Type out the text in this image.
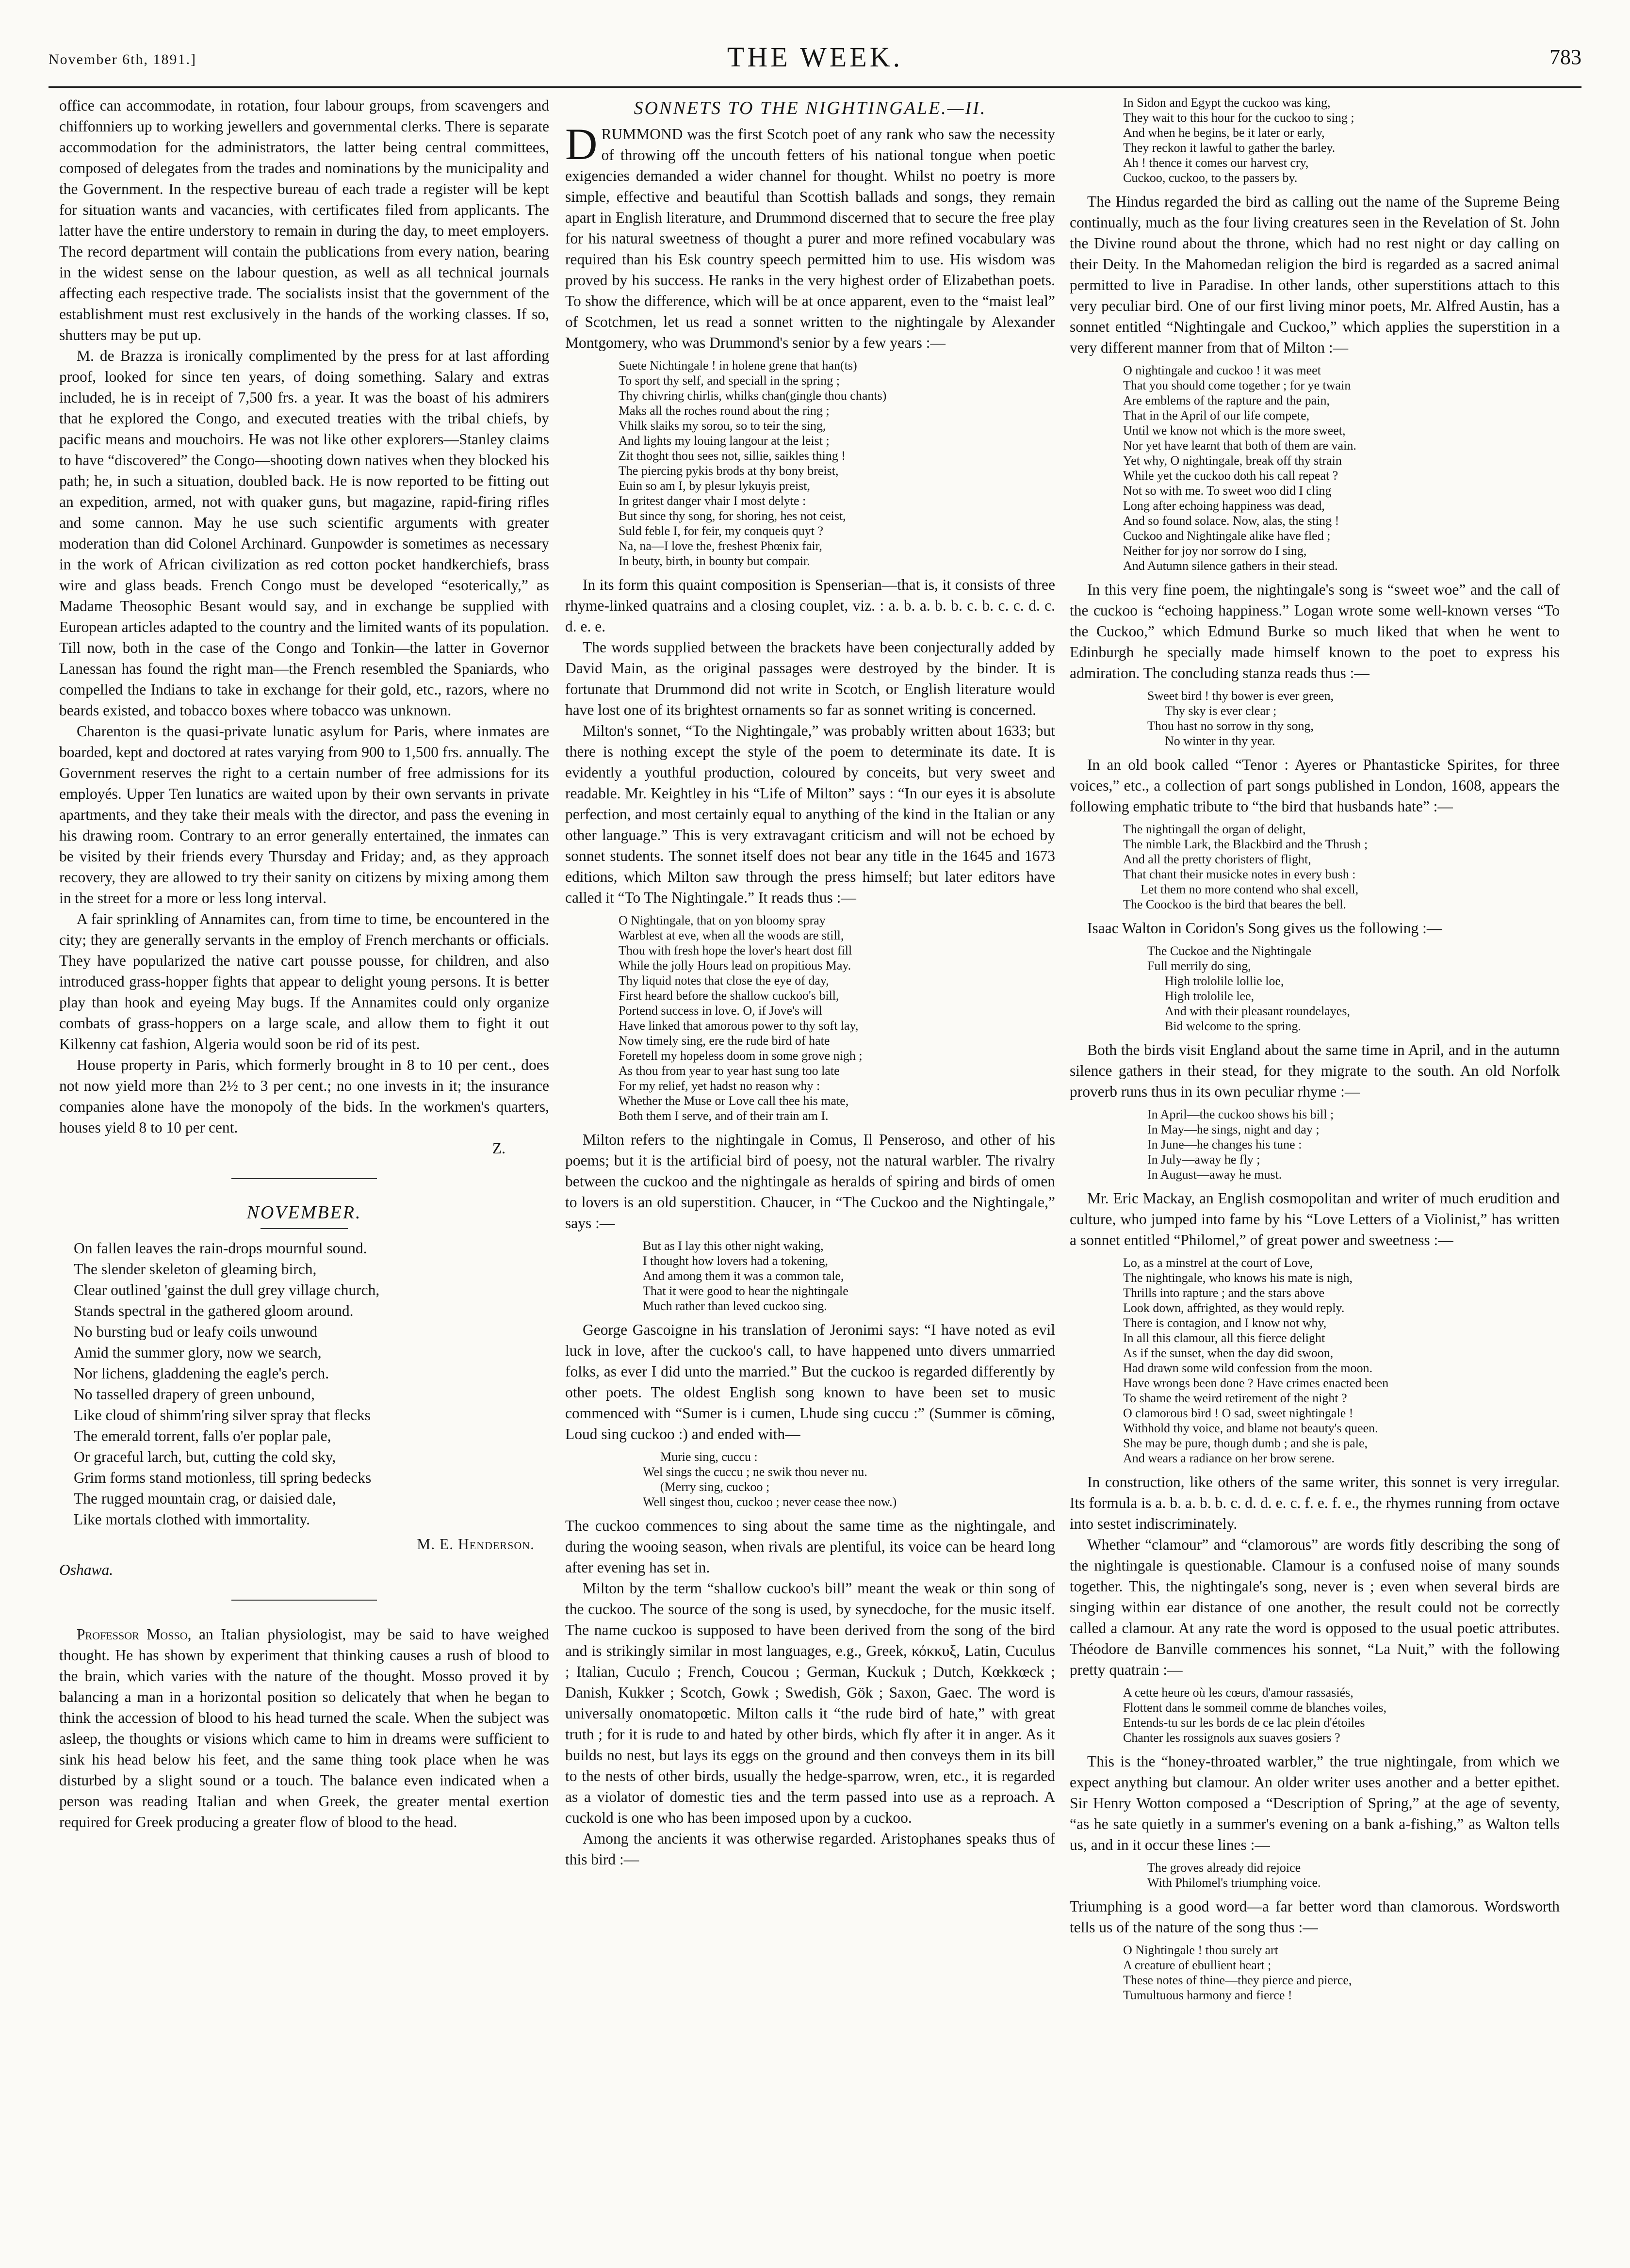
November 6th, 1891.]	THE WEEK.	783

office can accommodate, in rotation, four labour groups, from scavengers and chiffonniers up to working jewellers and governmental clerks. There is separate accommodation for the administrators, the latter being central committees, composed of delegates from the trades and nominations by the municipality and the Government. In the respective bureau of each trade a register will be kept for situation wants and vacancies, with certificates filed from applicants. The latter have the entire understory to remain in during the day, to meet employers. The record department will contain the publications from every nation, bearing in the widest sense on the labour question, as well as all technical journals affecting each respective trade. The socialists insist that the government of the establishment must rest exclusively in the hands of the working classes. If so, shutters may be put up.

M. de Brazza is ironically complimented by the press for at last affording proof, looked for since ten years, of doing something. Salary and extras included, he is in receipt of 7,500 frs. a year. It was the boast of his admirers that he explored the Congo, and executed treaties with the tribal chiefs, by pacific means and mouchoirs. He was not like other explorers—Stanley claims to have “discovered” the Congo—shooting down natives when they blocked his path; he, in such a situation, doubled back. He is now reported to be fitting out an expedition, armed, not with quaker guns, but magazine, rapid-firing rifles and some cannon. May he use such scientific arguments with greater moderation than did Colonel Archinard. Gunpowder is sometimes as necessary in the work of African civilization as red cotton pocket handkerchiefs, brass wire and glass beads. French Congo must be developed “esoterically,” as Madame Theosophic Besant would say, and in exchange be supplied with European articles adapted to the country and the limited wants of its population. Till now, both in the case of the Congo and Tonkin—the latter in Governor Lanessan has found the right man—the French resembled the Spaniards, who compelled the Indians to take in exchange for their gold, etc., razors, where no beards existed, and tobacco boxes where tobacco was unknown.

Charenton is the quasi-private lunatic asylum for Paris, where inmates are boarded, kept and doctored at rates varying from 900 to 1,500 frs. annually. The Government reserves the right to a certain number of free admissions for its employés. Upper Ten lunatics are waited upon by their own servants in private apartments, and they take their meals with the director, and pass the evening in his drawing room. Contrary to an error generally entertained, the inmates can be visited by their friends every Thursday and Friday; and, as they approach recovery, they are allowed to try their sanity on citizens by mixing among them in the street for a more or less long interval.

A fair sprinkling of Annamites can, from time to time, be encountered in the city; they are generally servants in the employ of French merchants or officials. They have popularized the native cart pousse pousse, for children, and also introduced grass-hopper fights that appear to delight young persons. It is better play than hook and eyeing May bugs. If the Annamites could only organize combats of grass-hoppers on a large scale, and allow them to fight it out Kilkenny cat fashion, Algeria would soon be rid of its pest.

House property in Paris, which formerly brought in 8 to 10 per cent., does not now yield more than 2½ to 3 per cent.; no one invests in it; the insurance companies alone have the monopoly of the bids. In the workmen's quarters, houses yield 8 to 10 per cent.

Z.
NOVEMBER.
On fallen leaves the rain-drops mournful sound.
The slender skeleton of gleaming birch,
Clear outlined 'gainst the dull grey village church,
Stands spectral in the gathered gloom around.
No bursting bud or leafy coils unwound
Amid the summer glory, now we search,
Nor lichens, gladdening the eagle's perch.
No tasselled drapery of green unbound,
Like cloud of shimm'ring silver spray that flecks
The emerald torrent, falls o'er poplar pale,
Or graceful larch, but, cutting the cold sky,
Grim forms stand motionless, till spring bedecks
The rugged mountain crag, or daisied dale,
Like mortals clothed with immortality.
M. E. Henderson.
Oshawa.

Professor Mosso, an Italian physiologist, may be said to have weighed thought. He has shown by experiment that thinking causes a rush of blood to the brain, which varies with the nature of the thought. Mosso proved it by balancing a man in a horizontal position so delicately that when he began to think the accession of blood to his head turned the scale. When the subject was asleep, the thoughts or visions which came to him in dreams were sufficient to sink his head below his feet, and the same thing took place when he was disturbed by a slight sound or a touch. The balance even indicated when a person was reading Italian and when Greek, the greater mental exertion required for Greek producing a greater flow of blood to the head.

SONNETS TO THE NIGHTINGALE.—II.

DRUMMOND was the first Scotch poet of any rank who saw the necessity of throwing off the uncouth fetters of his national tongue when poetic exigencies demanded a wider channel for thought. Whilst no poetry is more simple, effective and beautiful than Scottish ballads and songs, they remain apart in English literature, and Drummond discerned that to secure the free play for his natural sweetness of thought a purer and more refined vocabulary was required than his Esk country speech permitted him to use. His wisdom was proved by his success. He ranks in the very highest order of Elizabethan poets. To show the difference, which will be at once apparent, even to the “maist leal” of Scotchmen, let us read a sonnet written to the nightingale by Alexander Montgomery, who was Drummond's senior by a few years :—

Suete Nichtingale ! in holene grene that han(ts)
To sport thy self, and speciall in the spring ;
Thy chivring chirlis, whilks chan(ginglе thou chants)
Maks all the roches round about the ring ;
Vhilk slaiks my sorou, so to teir the sing,
And lights my louing langour at the leist ;
Zit thoght thou sees not, sillie, saikles thing !
The piercing pykis brods at thy bony breist,
Euin so am I, by plesur lykuyis preist,
In gritest danger vhair I most delyte :
But since thy song, for shoring, hes not ceist,
Suld feble I, for feir, my conqueis quyt ?
Na, na—I love the, freshest Phœnix fair,
In beuty, birth, in bounty but compair.

In its form this quaint composition is Spenserian—that is, it consists of three rhyme-linked quatrains and a closing couplet, viz. : a. b. a. b. b. c. b. c. c. d. c. d. e. e.

The words supplied between the brackets have been conjecturally added by David Main, as the original passages were destroyed by the binder. It is fortunate that Drummond did not write in Scotch, or English literature would have lost one of its brightest ornaments so far as sonnet writing is concerned.

Milton's sonnet, “To the Nightingale,” was probably written about 1633; but there is nothing except the style of the poem to determinate its date. It is evidently a youthful production, coloured by conceits, but very sweet and readable. Mr. Keightley in his “Life of Milton” says : “In our eyes it is absolute perfection, and most certainly equal to anything of the kind in the Italian or any other language.” This is very extravagant criticism and will not be echoed by sonnet students. The sonnet itself does not bear any title in the 1645 and 1673 editions, which Milton saw through the press himself; but later editors have called it “To The Nightingale.” It reads thus :—

O Nightingale, that on yon bloomy spray
Warblest at eve, when all the woods are still,
Thou with fresh hope the lover's heart dost fill
While the jolly Hours lead on propitious May.
Thy liquid notes that close the eye of day,
First heard before the shallow cuckoo's bill,
Portend success in love. O, if Jove's will
Have linked that amorous power to thy soft lay,
Now timely sing, ere the rude bird of hate
Foretell my hopeless doom in some grove nigh ;
As thou from year to year hast sung too late
For my relief, yet hadst no reason why :
Whether the Muse or Love call thee his mate,
Both them I serve, and of their train am I.

Milton refers to the nightingale in Comus, Il Penseroso, and other of his poems; but it is the artificial bird of poesy, not the natural warbler. The rivalry between the cuckoo and the nightingale as heralds of spiring and birds of omen to lovers is an old superstition. Chaucer, in “The Cuckoo and the Nightingale,” says :—

But as I lay this other night waking,
I thought how lovers had a tokening,
And among them it was a common tale,
That it were good to hear the nightingale
Much rather than leved cuckoo sing.

George Gascoigne in his translation of Jeronimi says: “I have noted as evil luck in love, after the cuckoo's call, to have happened unto divers unmarried folks, as ever I did unto the married.” But the cuckoo is regarded differently by other poets. The oldest English song known to have been set to music commenced with “Sumer is i cumen, Lhude sing cuccu :” (Summer is cōming, Loud sing cuckoo :) and ended with—

Murie sing, cuccu :
Wel sings the cuccu ; ne swik thou never nu.
(Merry sing, cuckoo ;
Well singest thou, cuckoo ; never cease thee now.)

The cuckoo commences to sing about the same time as the nightingale, and during the wooing season, when rivals are plentiful, its voice can be heard long after evening has set in.

Milton by the term “shallow cuckoo's bill” meant the weak or thin song of the cuckoo. The source of the song is used, by synecdoche, for the music itself. The name cuckoo is supposed to have been derived from the song of the bird and is strikingly similar in most languages, e.g., Greek, κόκκυξ, Latin, Cuculus ; Italian, Cuculo ; French, Coucou ; German, Kuckuk ; Dutch, Kœkkœck ; Danish, Kukker ; Scotch, Gowk ; Swedish, Gök ; Saxon, Gaec. The word is universally onomatopœtic. Milton calls it “the rude bird of hate,” with great truth ; for it is rude to and hated by other birds, which fly after it in anger. As it builds no nest, but lays its eggs on the ground and then conveys them in its bill to the nests of other birds, usually the hedge-sparrow, wren, etc., it is regarded as a violator of domestic ties and the term passed into use as a reproach. A cuckold is one who has been imposed upon by a cuckoo.

Among the ancients it was otherwise regarded. Aristophanes speaks thus of this bird :—

In Sidon and Egypt the cuckoo was king,
They wait to this hour for the cuckoo to sing ;
And when he begins, be it later or early,
They reckon it lawful to gather the barley.
Ah ! thence it comes our harvest cry,
Cuckoo, cuckoo, to the passers by.

The Hindus regarded the bird as calling out the name of the Supreme Being continually, much as the four living creatures seen in the Revelation of St. John the Divine round about the throne, which had no rest night or day calling on their Deity. In the Mahomedan religion the bird is regarded as a sacred animal permitted to live in Paradise. In other lands, other superstitions attach to this very peculiar bird. One of our first living minor poets, Mr. Alfred Austin, has a sonnet entitled “Nightingale and Cuckoo,” which applies the superstition in a very different manner from that of Milton :—

O nightingale and cuckoo ! it was meet
That you should come together ; for ye twain
Are emblems of the rapture and the pain,
That in the April of our life compete,
Until we know not which is the more sweet,
Nor yet have learnt that both of them are vain.
Yet why, O nightingale, break off thy strain
While yet the cuckoo doth his call repeat ?
Not so with me. To sweet woo did I cling
Long after echoing happiness was dead,
And so found solace. Now, alas, the sting !
Cuckoo and Nightingale alike have fled ;
Neither for joy nor sorrow do I sing,
And Autumn silence gathers in their stead.

In this very fine poem, the nightingale's song is “sweet woe” and the call of the cuckoo is “echoing happiness.” Logan wrote some well-known verses “To the Cuckoo,” which Edmund Burke so much liked that when he went to Edinburgh he specially made himself known to the poet to express his admiration. The concluding stanza reads thus :—

Sweet bird ! thy bower is ever green,
Thy sky is ever clear ;
Thou hast no sorrow in thy song,
No winter in thy year.

In an old book called “Tenor : Ayeres or Phantasticke Spirites, for three voices,” etc., a collection of part songs published in London, 1608, appears the following emphatic tribute to “the bird that husbands hate” :—

The nightingall the organ of delight,
The nimble Lark, the Blackbird and the Thrush ;
And all the pretty choristers of flight,
That chant their musicke notes in every bush :
Let them no more contend who shal excell,
The Coockoo is the bird that beares the bell.

Isaac Walton in Coridon's Song gives us the following :—

The Cuckoe and the Nightingale
Full merrily do sing,
High trololile lollie loe,
High trololile lee,
And with their pleasant roundelayes,
Bid welcome to the spring.

Both the birds visit England about the same time in April, and in the autumn silence gathers in their stead, for they migrate to the south. An old Norfolk proverb runs thus in its own peculiar rhyme :—

In April—the cuckoo shows his bill ;
In May—he sings, night and day ;
In June—he changes his tune :
In July—away he fly ;
In August—away he must.

Mr. Eric Mackay, an English cosmopolitan and writer of much erudition and culture, who jumped into fame by his “Love Letters of a Violinist,” has written a sonnet entitled “Philomel,” of great power and sweetness :—

Lo, as a minstrel at the court of Love,
The nightingale, who knows his mate is nigh,
Thrills into rapture ; and the stars above
Look down, affrighted, as they would reply.
There is contagion, and I know not why,
In all this clamour, all this fierce delight
As if the sunset, when the day did swoon,
Had drawn some wild confession from the moon.
Have wrongs been done ? Have crimes enacted been
To shame the weird retirement of the night ?
O clamorous bird ! O sad, sweet nightingale !
Withhold thy voice, and blame not beauty's queen.
She may be pure, though dumb ; and she is pale,
And wears a radiance on her brow serene.

In construction, like others of the same writer, this sonnet is very irregular. Its formula is a. b. a. b. b. c. d. d. e. c. f. e. f. e., the rhymes running from octave into sestet indiscriminately.

Whether “clamour” and “clamorous” are words fitly describing the song of the nightingale is questionable. Clamour is a confused noise of many sounds together. This, the nightingale's song, never is ; even when several birds are singing within ear distance of one another, the result could not be correctly called a clamour. At any rate the word is opposed to the usual poetic attributes. Théodore de Banville commences his sonnet, “La Nuit,” with the following pretty quatrain :—

A cette heure où les cœurs, d'amour rassasiés,
Flottent dans le sommeil comme de blanches voiles,
Entends-tu sur les bords de ce lac plein d'étoiles
Chanter les rossignols aux suaves gosiers ?

This is the “honey-throated warbler,” the true nightingale, from which we expect anything but clamour. An older writer uses another and a better epithet. Sir Henry Wotton composed a “Description of Spring,” at the age of seventy, “as he sate quietly in a summer's evening on a bank a-fishing,” as Walton tells us, and in it occur these lines :—

The groves already did rejoice
With Philomel's triumphing voice.

Triumphing is a good word—a far better word than clamorous. Wordsworth tells us of the nature of the song thus :—

O Nightingale ! thou surely art
A creature of ebullient heart ;
These notes of thine—they pierce and pierce,
Tumultuous harmony and fierce !
